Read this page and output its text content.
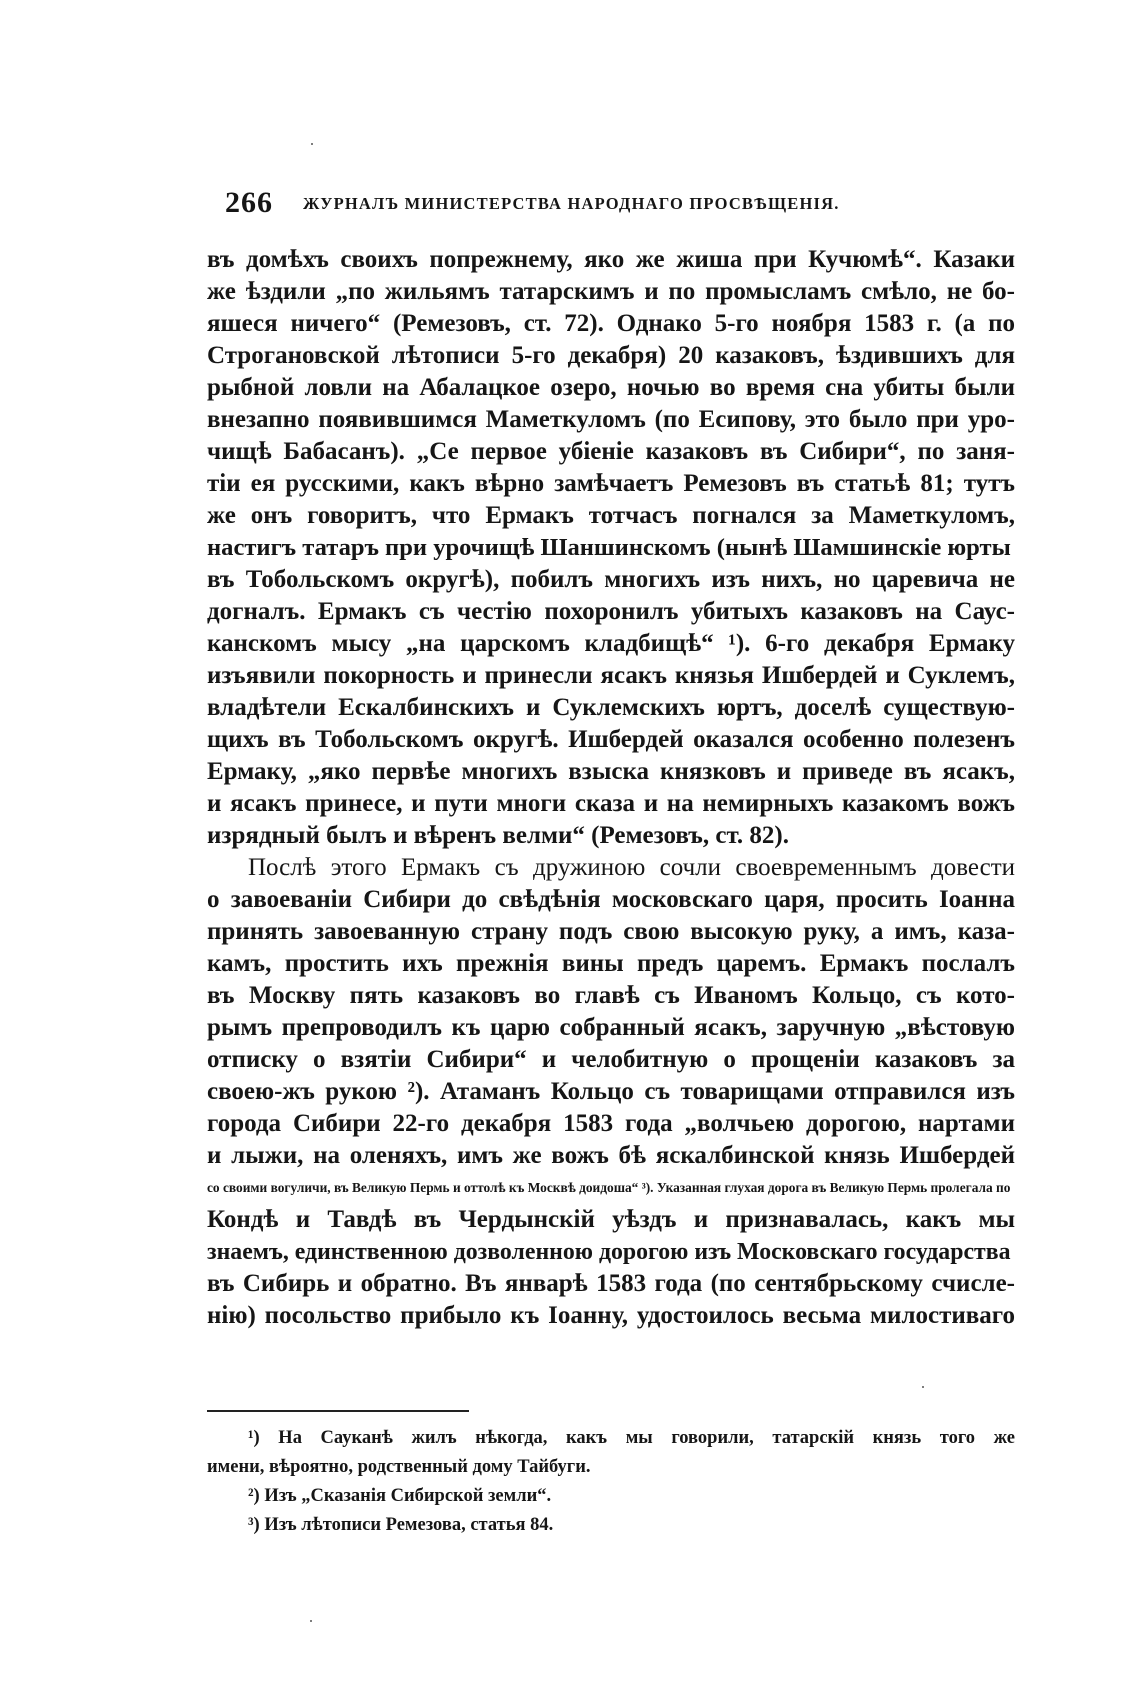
266 ЖУРНАЛЪ МИНИСТЕРСТВА НАРОДНАГО ПРОСВѢЩЕНІЯ.
въ домѣхъ своихъ попрежнему, яко же жиша при Кучюмѣ“. Казаки
же ѣздили „по жильямъ татарскимъ и по промысламъ смѣло, не бо-
яшеся ничего“ (Ремезовъ, ст. 72). Однако 5-го ноября 1583 г. (а по
Строгановской лѣтописи 5-го декабря) 20 казаковъ, ѣздившихъ для
рыбной ловли на Абалацкое озеро, ночью во время сна убиты были
внезапно появившимся Маметкуломъ (по Есипову, это было при уро-
чищѣ Бабасанъ). „Се первое убіеніе казаковъ въ Сибири“, по заня-
тіи ея русскими, какъ вѣрно замѣчаетъ Ремезовъ въ статьѣ 81; тутъ
же онъ говоритъ, что Ермакъ тотчасъ погнался за Маметкуломъ,
настигъ татаръ при урочищѣ Шаншинскомъ (нынѣ Шамшинскіе юрты
въ Тобольскомъ округѣ), побилъ многихъ изъ нихъ, но царевича не
догналъ. Ермакъ съ честію похоронилъ убитыхъ казаковъ на Саус-
канскомъ мысу „на царскомъ кладбищѣ“ ¹). 6-го декабря Ермаку
изъявили покорность и принесли ясакъ князья Ишбердей и Суклемъ,
владѣтели Ескалбинскихъ и Суклемскихъ юртъ, доселѣ существую-
щихъ въ Тобольскомъ округѣ. Ишбердей оказался особенно полезенъ
Ермаку, „яко первѣе многихъ взыска князковъ и приведе въ ясакъ,
и ясакъ принесе, и пути многи сказа и на немирныхъ казакомъ вожъ
изрядный былъ и вѣренъ велми“ (Ремезовъ, ст. 82).
Послѣ этого Ермакъ съ дружиною сочли своевременнымъ довести
о завоеваніи Сибири до свѣдѣнія московскаго царя, просить Іоанна
принять завоеванную страну подъ свою высокую руку, а имъ, каза-
камъ, простить ихъ прежнія вины предъ царемъ. Ермакъ послалъ
въ Москву пять казаковъ во главѣ съ Иваномъ Кольцо, съ кото-
рымъ препроводилъ къ царю собранный ясакъ, заручную „вѣстовую
отписку о взятіи Сибири“ и челобитную о прощеніи казаковъ за
своею-жъ рукою ²). Атаманъ Кольцо съ товарищами отправился изъ
города Сибири 22-го декабря 1583 года „волчьею дорогою, нартами
и лыжи, на оленяхъ, имъ же вожъ бѣ яскалбинской князь Ишбердей
со своими вогуличи, въ Великую Пермь и оттолѣ къ Москвѣ доидоша“ ³). Указанная глухая дорога въ Великую Пермь пролегала по
Кондѣ и Тавдѣ въ Чердынскій уѣздъ и признавалась, какъ мы
знаемъ, единственною дозволенною дорогою изъ Московскаго государства
въ Сибирь и обратно. Въ январѣ 1583 года (по сентябрьскому счисле-
нію) посольство прибыло къ Іоанну, удостоилось весьма милостиваго
¹) На Сауканѣ жилъ нѣкогда, какъ мы говорили, татарскій князь того же
имени, вѣроятно, родственный дому Тайбуги.
²) Изъ „Сказанія Сибирской земли“.
³) Изъ лѣтописи Ремезова, статья 84.
